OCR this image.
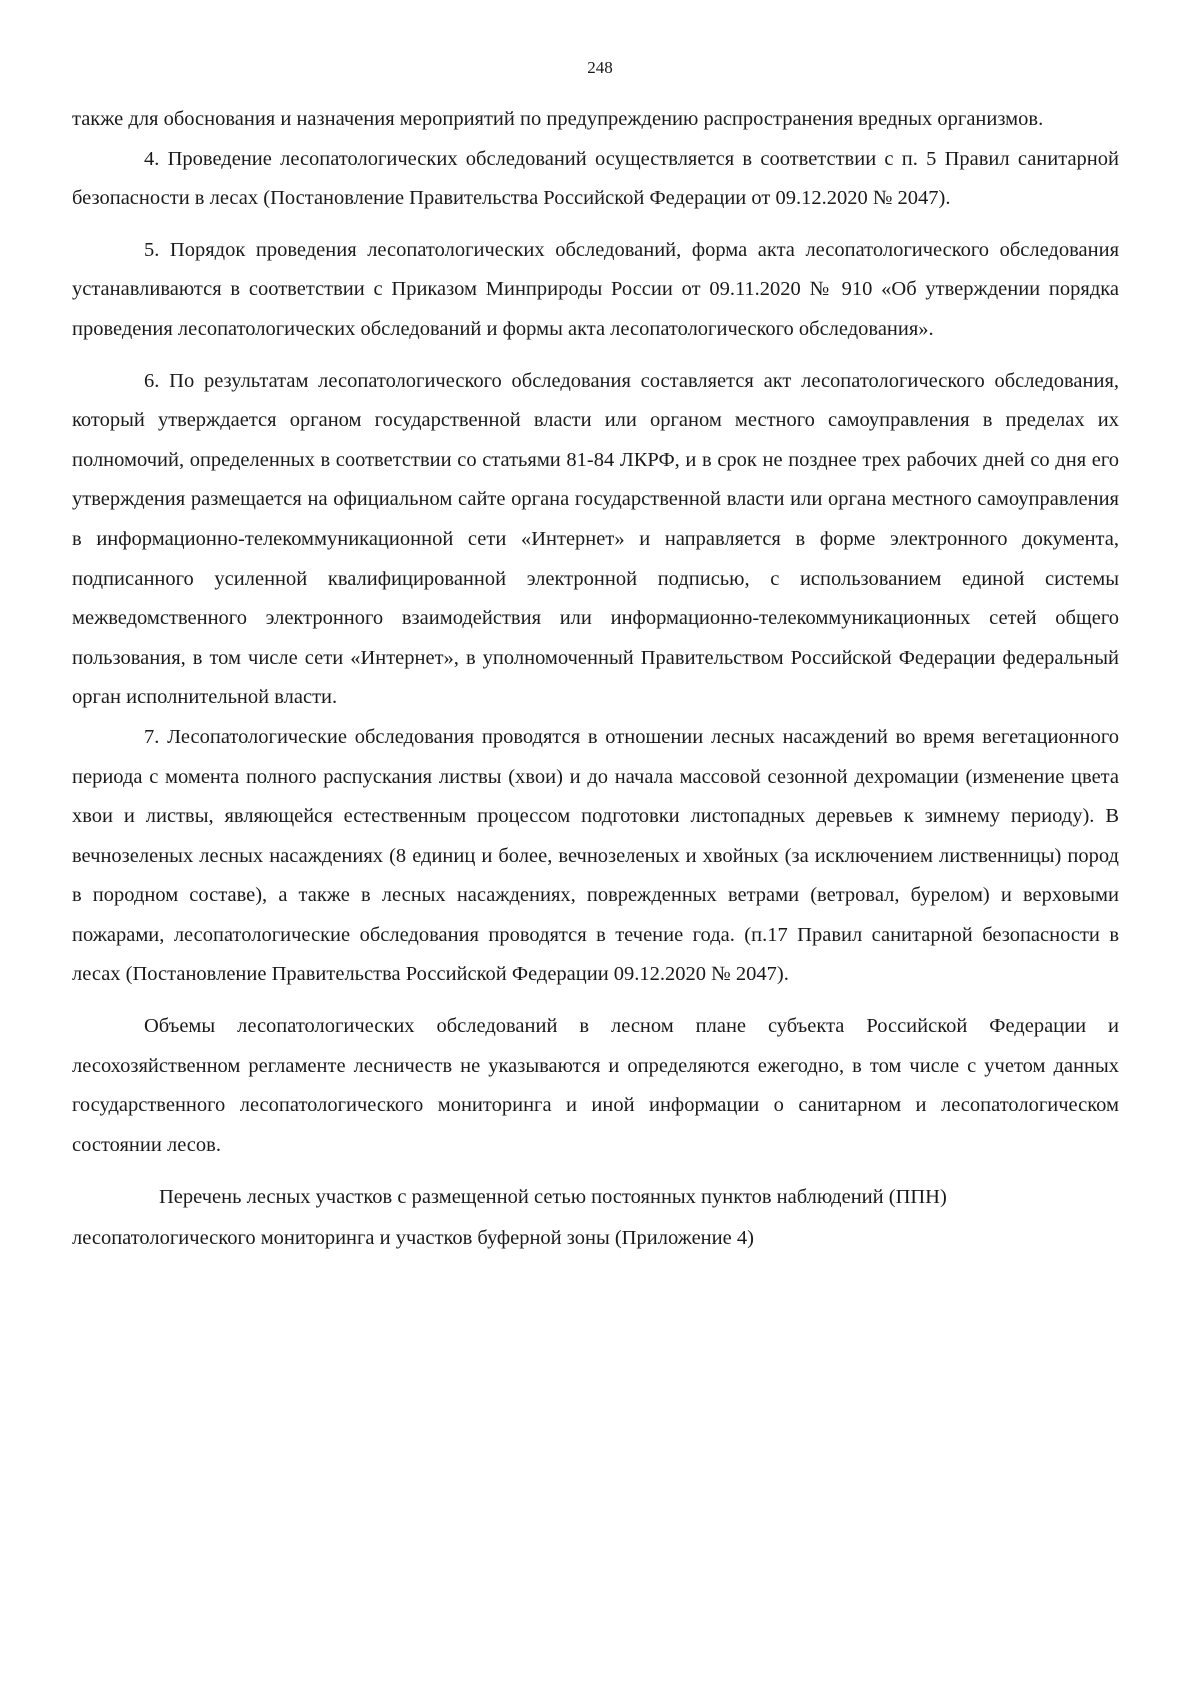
248

также для обоснования и назначения мероприятий по предупреждению распространения вредных организмов.

4. Проведение лесопатологических обследований осуществляется в соответствии с п. 5 Правил санитарной безопасности в лесах (Постановление Правительства Российской Федерации от 09.12.2020 № 2047).

5. Порядок проведения лесопатологических обследований, форма акта лесопатологического обследования устанавливаются в соответствии с Приказом Минприроды России от 09.11.2020 № 910 «Об утверждении порядка проведения лесопатологических обследований и формы акта лесопатологического обследования».

6. По результатам лесопатологического обследования составляется акт лесопатологического обследования, который утверждается органом государственной власти или органом местного самоуправления в пределах их полномочий, определенных в соответствии со статьями 81-84 ЛКРФ, и в срок не позднее трех рабочих дней со дня его утверждения размещается на официальном сайте органа государственной власти или органа местного самоуправления в информационно-телекоммуникационной сети «Интернет» и направляется в форме электронного документа, подписанного усиленной квалифицированной электронной подписью, с использованием единой системы межведомственного электронного взаимодействия или информационно-телекоммуникационных сетей общего пользования, в том числе сети «Интернет», в уполномоченный Правительством Российской Федерации федеральный орган исполнительной власти.

7. Лесопатологические обследования проводятся в отношении лесных насаждений во время вегетационного периода с момента полного распускания листвы (хвои) и до начала массовой сезонной дехромации (изменение цвета хвои и листвы, являющейся естественным процессом подготовки листопадных деревьев к зимнему периоду). В вечнозеленых лесных насаждениях (8 единиц и более, вечнозеленых и хвойных (за исключением лиственницы) пород в породном составе), а также в лесных насаждениях, поврежденных ветрами (ветровал, бурелом) и верховыми пожарами, лесопатологические обследования проводятся в течение года. (п.17 Правил санитарной безопасности в лесах (Постановление Правительства Российской Федерации 09.12.2020 № 2047).

Объемы лесопатологических обследований в лесном плане субъекта Российской Федерации и лесохозяйственном регламенте лесничеств не указываются и определяются ежегодно, в том числе с учетом данных государственного лесопатологического мониторинга и иной информации о санитарном и лесопатологическом состоянии лесов.

Перечень лесных участков с размещенной сетью постоянных пунктов наблюдений (ППН) лесопатологического мониторинга и участков буферной зоны (Приложение 4)
